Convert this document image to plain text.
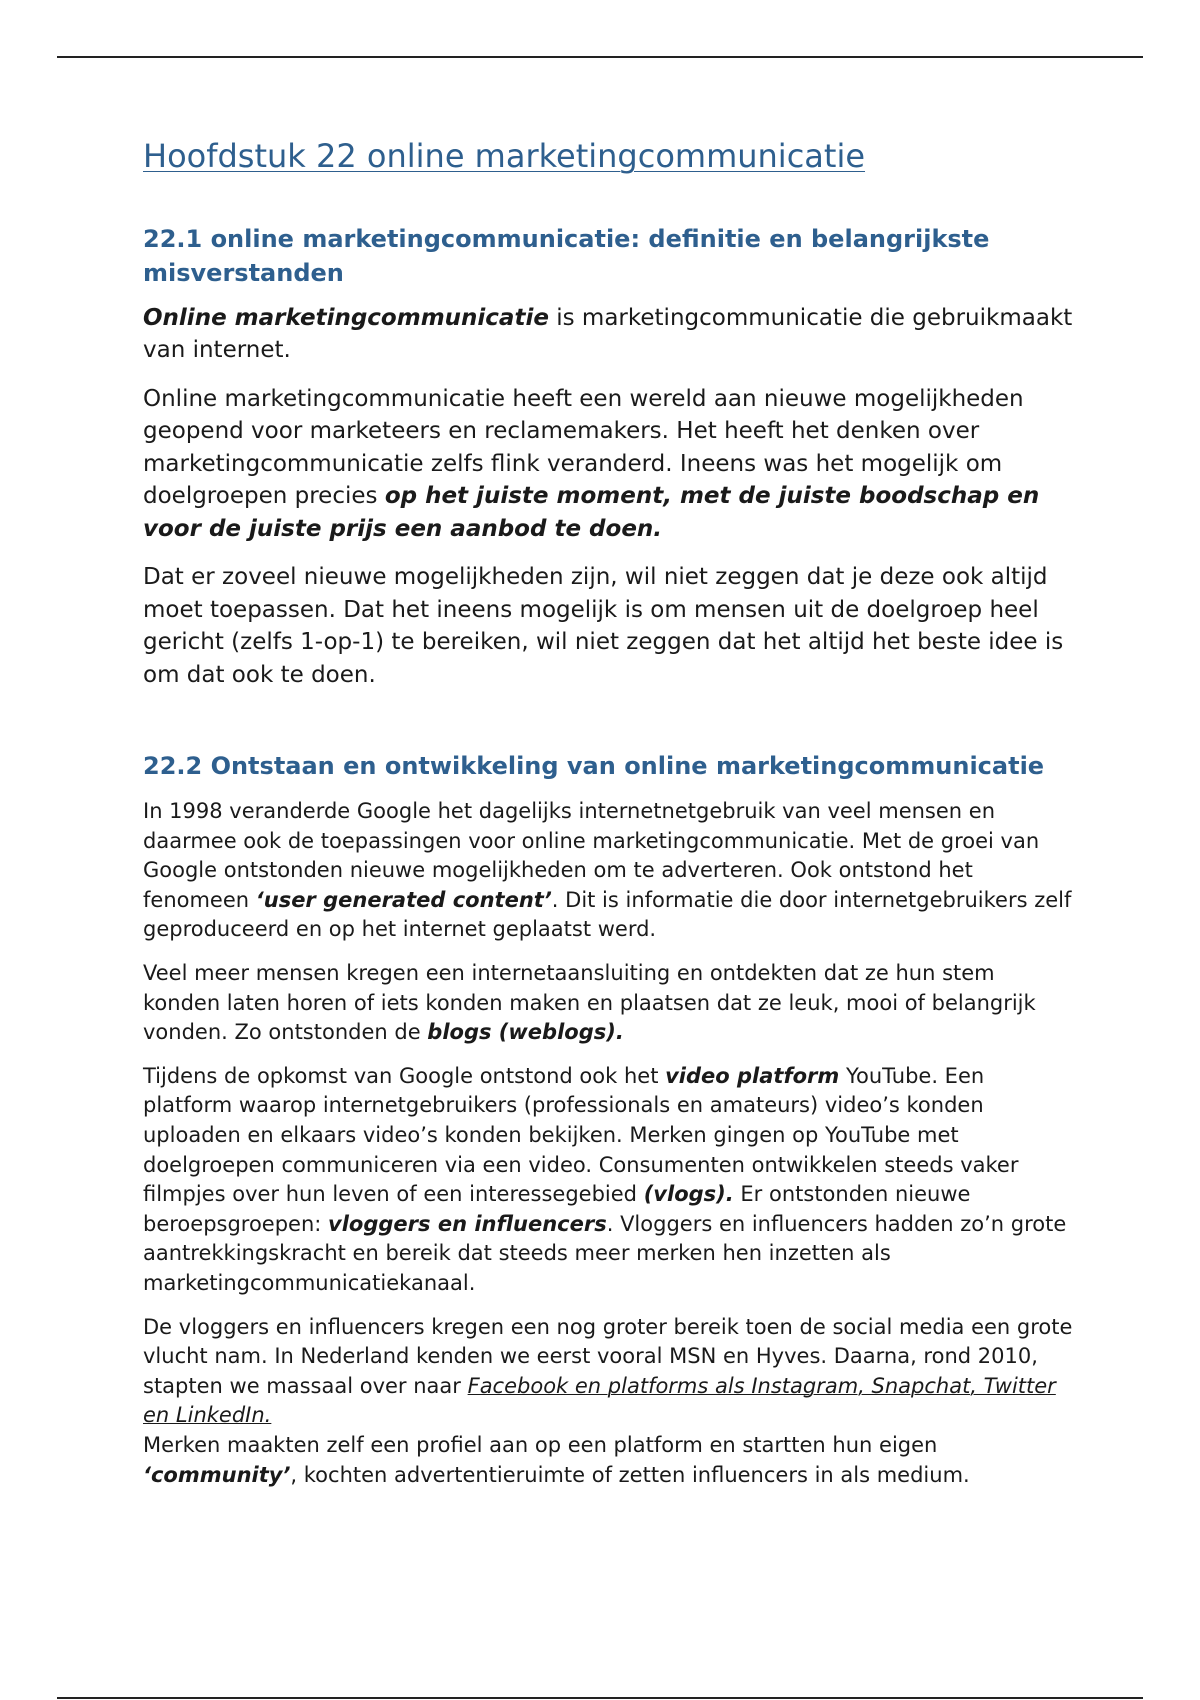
Hoofdstuk 22 online marketingcommunicatie
22.1 online marketingcommunicatie: definitie en belangrijkste misverstanden

Online marketingcommunicatie is marketingcommunicatie die gebruikmaakt van internet.

Online marketingcommunicatie heeft een wereld aan nieuwe mogelijkheden geopend voor marketeers en reclamemakers. Het heeft het denken over marketingcommunicatie zelfs flink veranderd. Ineens was het mogelijk om doelgroepen precies op het juiste moment, met de juiste boodschap en voor de juiste prijs een aanbod te doen.

Dat er zoveel nieuwe mogelijkheden zijn, wil niet zeggen dat je deze ook altijd moet toepassen. Dat het ineens mogelijk is om mensen uit de doelgroep heel gericht (zelfs 1-op-1) te bereiken, wil niet zeggen dat het altijd het beste idee is om dat ook te doen.

22.2 Ontstaan en ontwikkeling van online marketingcommunicatie

In 1998 veranderde Google het dagelijks internetnetgebruik van veel mensen en daarmee ook de toepassingen voor online marketingcommunicatie. Met de groei van Google ontstonden nieuwe mogelijkheden om te adverteren. Ook ontstond het fenomeen ‘user generated content’. Dit is informatie die door internetgebruikers zelf geproduceerd en op het internet geplaatst werd.

Veel meer mensen kregen een internetaansluiting en ontdekten dat ze hun stem konden laten horen of iets konden maken en plaatsen dat ze leuk, mooi of belangrijk vonden. Zo ontstonden de blogs (weblogs).

Tijdens de opkomst van Google ontstond ook het video platform YouTube. Een platform waarop internetgebruikers (professionals en amateurs) video’s konden uploaden en elkaars video’s konden bekijken. Merken gingen op YouTube met doelgroepen communiceren via een video. Consumenten ontwikkelen steeds vaker filmpjes over hun leven of een interessegebied (vlogs). Er ontstonden nieuwe beroepsgroepen: vloggers en influencers. Vloggers en influencers hadden zo’n grote aantrekkingskracht en bereik dat steeds meer merken hen inzetten als marketingcommunicatiekanaal.

De vloggers en influencers kregen een nog groter bereik toen de social media een grote vlucht nam. In Nederland kenden we eerst vooral MSN en Hyves. Daarna, rond 2010, stapten we massaal over naar Facebook en platforms als Instagram, Snapchat, Twitter en LinkedIn.

Merken maakten zelf een profiel aan op een platform en startten hun eigen ‘community’, kochten advertentieruimte of zetten influencers in als medium.
